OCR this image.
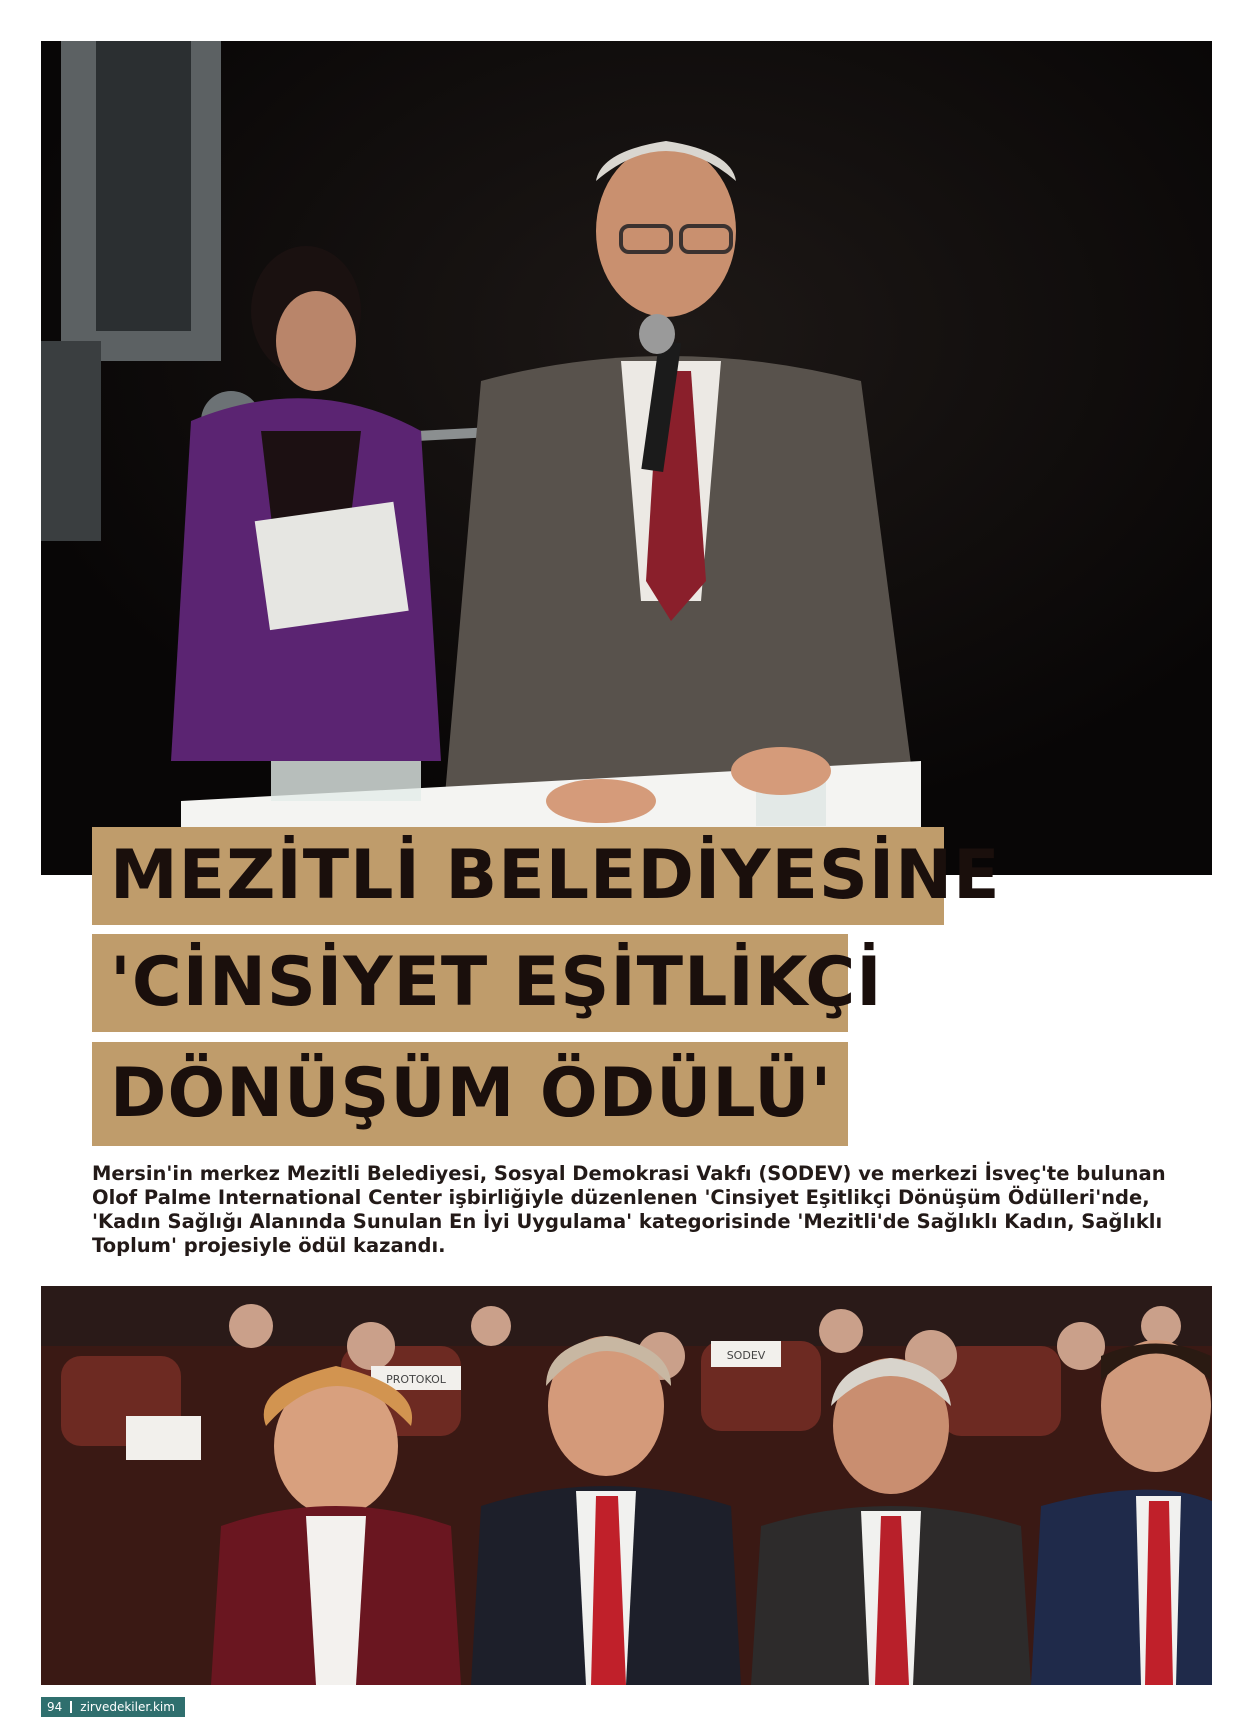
MEZİTLİ BELEDİYESİNE
'CİNSİYET EŞİTLİKÇİ
DÖNÜŞÜM ÖDÜLÜ'
Mersin'in merkez Mezitli Belediyesi, Sosyal Demokrasi Vakfı (SODEV) ve merkezi İsveç'te bulunan Olof Palme International Center işbirliğiyle düzenlenen 'Cinsiyet Eşitlikçi Dönüşüm Ödülleri'nde, 'Kadın Sağlığı Alanında Sunulan En İyi Uygulama' kategorisinde 'Mezitli'de Sağlıklı Kadın, Sağlıklı Toplum' projesiyle ödül kazandı.
PROTOKOL
SODEV
94 zirvedekiler.kim
